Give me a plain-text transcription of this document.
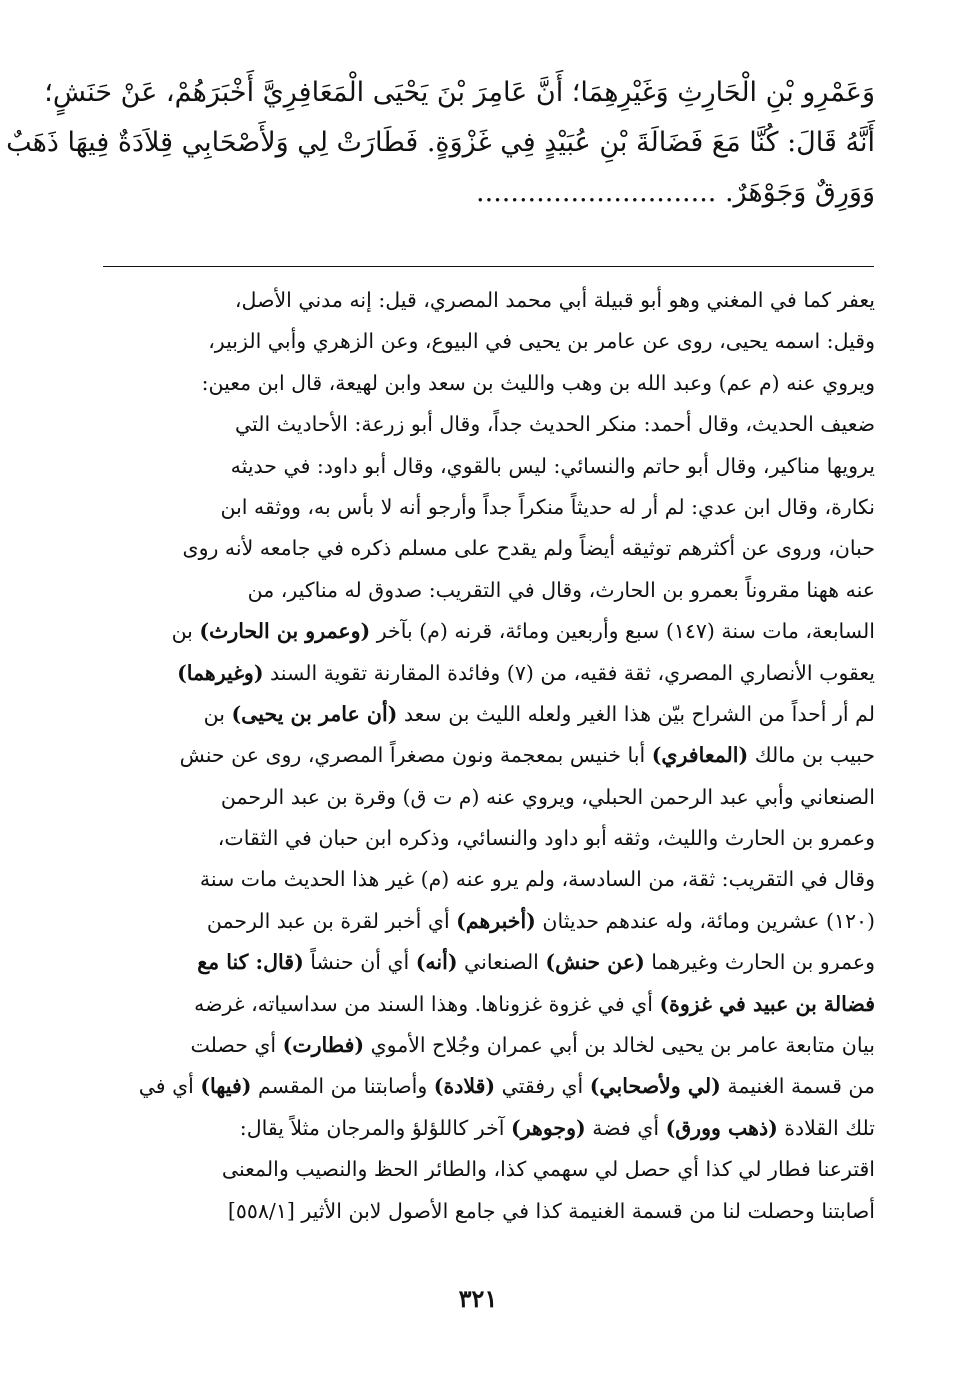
وَعَمْرِو بْنِ الْحَارِثِ وَغَيْرِهِمَا؛ أَنَّ عَامِرَ بْنَ يَحْيَى الْمَعَافِرِيَّ أَخْبَرَهُمْ، عَنْ حَنَشٍ؛
أَنَّهُ قَالَ: كُنَّا مَعَ فَضَالَةَ بْنِ عُبَيْدٍ فِي غَزْوَةٍ. فَطَارَتْ لِي وَلأَصْحَابِي قِلاَدَةٌ فِيهَا ذَهَبٌ
وَوَرِقٌ وَجَوْهَرٌ. ............................
يعفر كما في المغني وهو أبو قبيلة أبي محمد المصري، قيل: إنه مدني الأصل،
وقيل: اسمه يحيى، روى عن عامر بن يحيى في البيوع، وعن الزهري وأبي الزبير،
ويروي عنه (م عم) وعبد الله بن وهب والليث بن سعد وابن لهيعة، قال ابن معين:
ضعيف الحديث، وقال أحمد: منكر الحديث جداً، وقال أبو زرعة: الأحاديث التي
يرويها مناكير، وقال أبو حاتم والنسائي: ليس بالقوي، وقال أبو داود: في حديثه
نكارة، وقال ابن عدي: لم أر له حديثاً منكراً جداً وأرجو أنه لا بأس به، ووثقه ابن
حبان، وروى عن أكثرهم توثيقه أيضاً ولم يقدح على مسلم ذكره في جامعه لأنه روى
عنه ههنا مقروناً بعمرو بن الحارث، وقال في التقريب: صدوق له مناكير، من
السابعة، مات سنة (١٤٧) سبع وأربعين ومائة، قرنه (م) بآخر (وعمرو بن الحارث) بن
يعقوب الأنصاري المصري، ثقة فقيه، من (٧) وفائدة المقارنة تقوية السند (وغيرهما)
لم أر أحداً من الشراح بيّن هذا الغير ولعله الليث بن سعد (أن عامر بن يحيى) بن
حبيب بن مالك (المعافري) أبا خنيس بمعجمة ونون مصغراً المصري، روى عن حنش
الصنعاني وأبي عبد الرحمن الحبلي، ويروي عنه (م ت ق) وقرة بن عبد الرحمن
وعمرو بن الحارث والليث، وثقه أبو داود والنسائي، وذكره ابن حبان في الثقات،
وقال في التقريب: ثقة، من السادسة، ولم يرو عنه (م) غير هذا الحديث مات سنة
(١٢٠) عشرين ومائة، وله عندهم حديثان (أخبرهم) أي أخبر لقرة بن عبد الرحمن
وعمرو بن الحارث وغيرهما (عن حنش) الصنعاني (أنه) أي أن حنشاً (قال: كنا مع
فضالة بن عبيد في غزوة) أي في غزوة غزوناها. وهذا السند من سداسياته، غرضه
بيان متابعة عامر بن يحيى لخالد بن أبي عمران وجُلاح الأموي (فطارت) أي حصلت
من قسمة الغنيمة (لي ولأصحابي) أي رفقتي (قلادة) وأصابتنا من المقسم (فيها) أي في
تلك القلادة (ذهب وورق) أي فضة (وجوهر) آخر كاللؤلؤ والمرجان مثلاً يقال:
اقترعنا فطار لي كذا أي حصل لي سهمي كذا، والطائر الحظ والنصيب والمعنى
أصابتنا وحصلت لنا من قسمة الغنيمة كذا في جامع الأصول لابن الأثير [٥٥٨/١]
٣٢١
